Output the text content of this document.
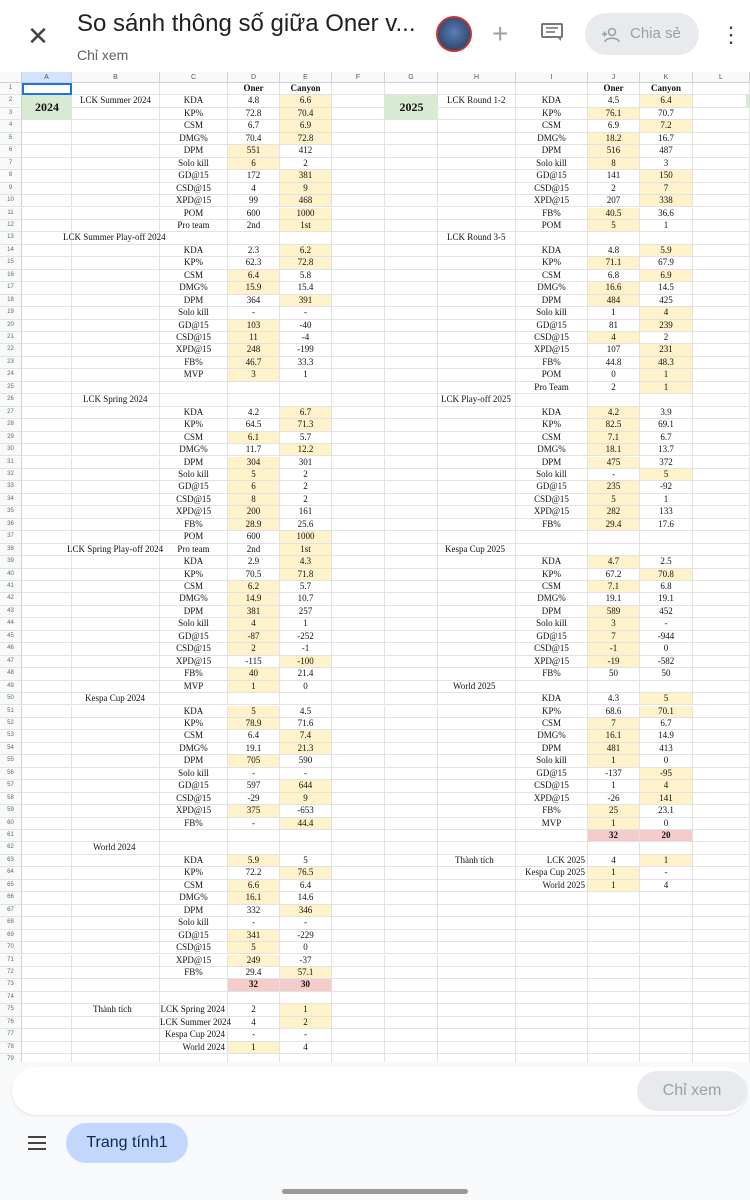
✕ So sánh thông số giữa Oner v...
Chỉ xem
+	Chia sẻ	⋮
A	B	C	D	E	F	G	H	I	J	K	L
1
2
3
4
5
6
7
8
9
10
11
12
13
14
15
16
17
18
19
20
21
22
23
24
25
26
27
28
29
30
31
32
33
34
35
36
37
38
39
40
41
42
43
44
45
46
47
48
49
50
51
52
53
54
55
56
57
58
59
60
61
62
63
64
65
66
67
68
69
70
71
72
73
74
75
76
77
78
79
Oner	Canyon	Oner	Canyon
2024	2025
LCK Summer 2024	KDA	4.8	6.6
KP%	72.8	70.4
CSM	6.7	6.9
DMG%	70.4	72.8
DPM	551	412
Solo kill	6	2
GD@15	172	381
CSD@15	4	9
XPD@15	99	468
POM	600	1000
Pro team	2nd	1st
LCK Summer Play-off 2024
KDA	2.3	6.2
KP%	62.3	72.8
CSM	6.4	5.8
DMG%	15.9	15.4
DPM	364	391
Solo kill	-	-
GD@15	103	-40
CSD@15	11	-4
XPD@15	248	-199
FB%	46.7	33.3
MVP	3	1
LCK Spring 2024
KDA	4.2	6.7
KP%	64.5	71.3
CSM	6.1	5.7
DMG%	11.7	12.2
DPM	304	301
Solo kill	5	2
GD@15	6	2
CSD@15	8	2
XPD@15	200	161
FB%	28.9	25.6
POM	600	1000
Pro team	2nd	1st
LCK Spring Play-off 2024
KDA	2.9	4.3
KP%	70.5	71.8
CSM	6.2	5.7
DMG%	14.9	10.7
DPM	381	257
Solo kill	4	1
GD@15	-87	-252
CSD@15	2	-1
XPD@15	-115	-100
FB%	40	21.4
MVP	1	0
Kespa Cup 2024
KDA	5	4.5
KP%	78.9	71.6
CSM	6.4	7.4
DMG%	19.1	21.3
DPM	705	590
Solo kill	-	-
GD@15	597	644
CSD@15	-29	9
XPD@15	375	-653
FB%	-	44.4
World 2024
KDA	5.9	5
KP%	72.2	76.5
CSM	6.6	6.4
DMG%	16.1	14.6
DPM	332	346
Solo kill	-	-
GD@15	341	-229
CSD@15	5	0
XPD@15	249	-37
FB%	29.4	57.1
32	30
Thành tích	LCK Spring 2024	2	1
LCK Summer 2024	4	2
Kespa Cup 2024	-	-
World 2024	1	4
LCK Round 1-2	KDA	4.5	6.4
KP%	76.1	70.7
CSM	6.9	7.2
DMG%	18.2	16.7
DPM	516	487
Solo kill	8	3
GD@15	141	150
CSD@15	2	7
XPD@15	207	338
FB%	40.5	36.6
POM	5	1
LCK Round 3-5
KDA	4.8	5.9
KP%	71.1	67.9
CSM	6.8	6.9
DMG%	16.6	14.5
DPM	484	425
Solo kill	1	4
GD@15	81	239
CSD@15	4	2
XPD@15	107	231
FB%	44.8	48.3
POM	0	1
Pro Team	2	1
LCK Play-off 2025
KDA	4.2	3.9
KP%	82.5	69.1
CSM	7.1	6.7
DMG%	18.1	13.7
DPM	475	372
Solo kill	-	5
GD@15	235	-92
CSD@15	5	1
XPD@15	282	133
FB%	29.4	17.6
Kespa Cup 2025
KDA	4.7	2.5
KP%	67.2	70.8
CSM	7.1	6.8
DMG%	19.1	19.1
DPM	589	452
Solo kill	3	-
GD@15	7	-944
CSD@15	-1	0
XPD@15	-19	-582
FB%	50	50
World 2025
KDA	4.3	5
KP%	68.6	70.1
CSM	7	6.7
DMG%	16.1	14.9
DPM	481	413
Solo kill	1	0
GD@15	-137	-95
CSD@15	1	4
XPD@15	-26	141
FB%	25	23.1
MVP	1	0
32	20
Thành tích	LCK 2025	4	1
Kespa Cup 2025	1	-
World 2025	1	4
Chỉ xem
Trang tính1
